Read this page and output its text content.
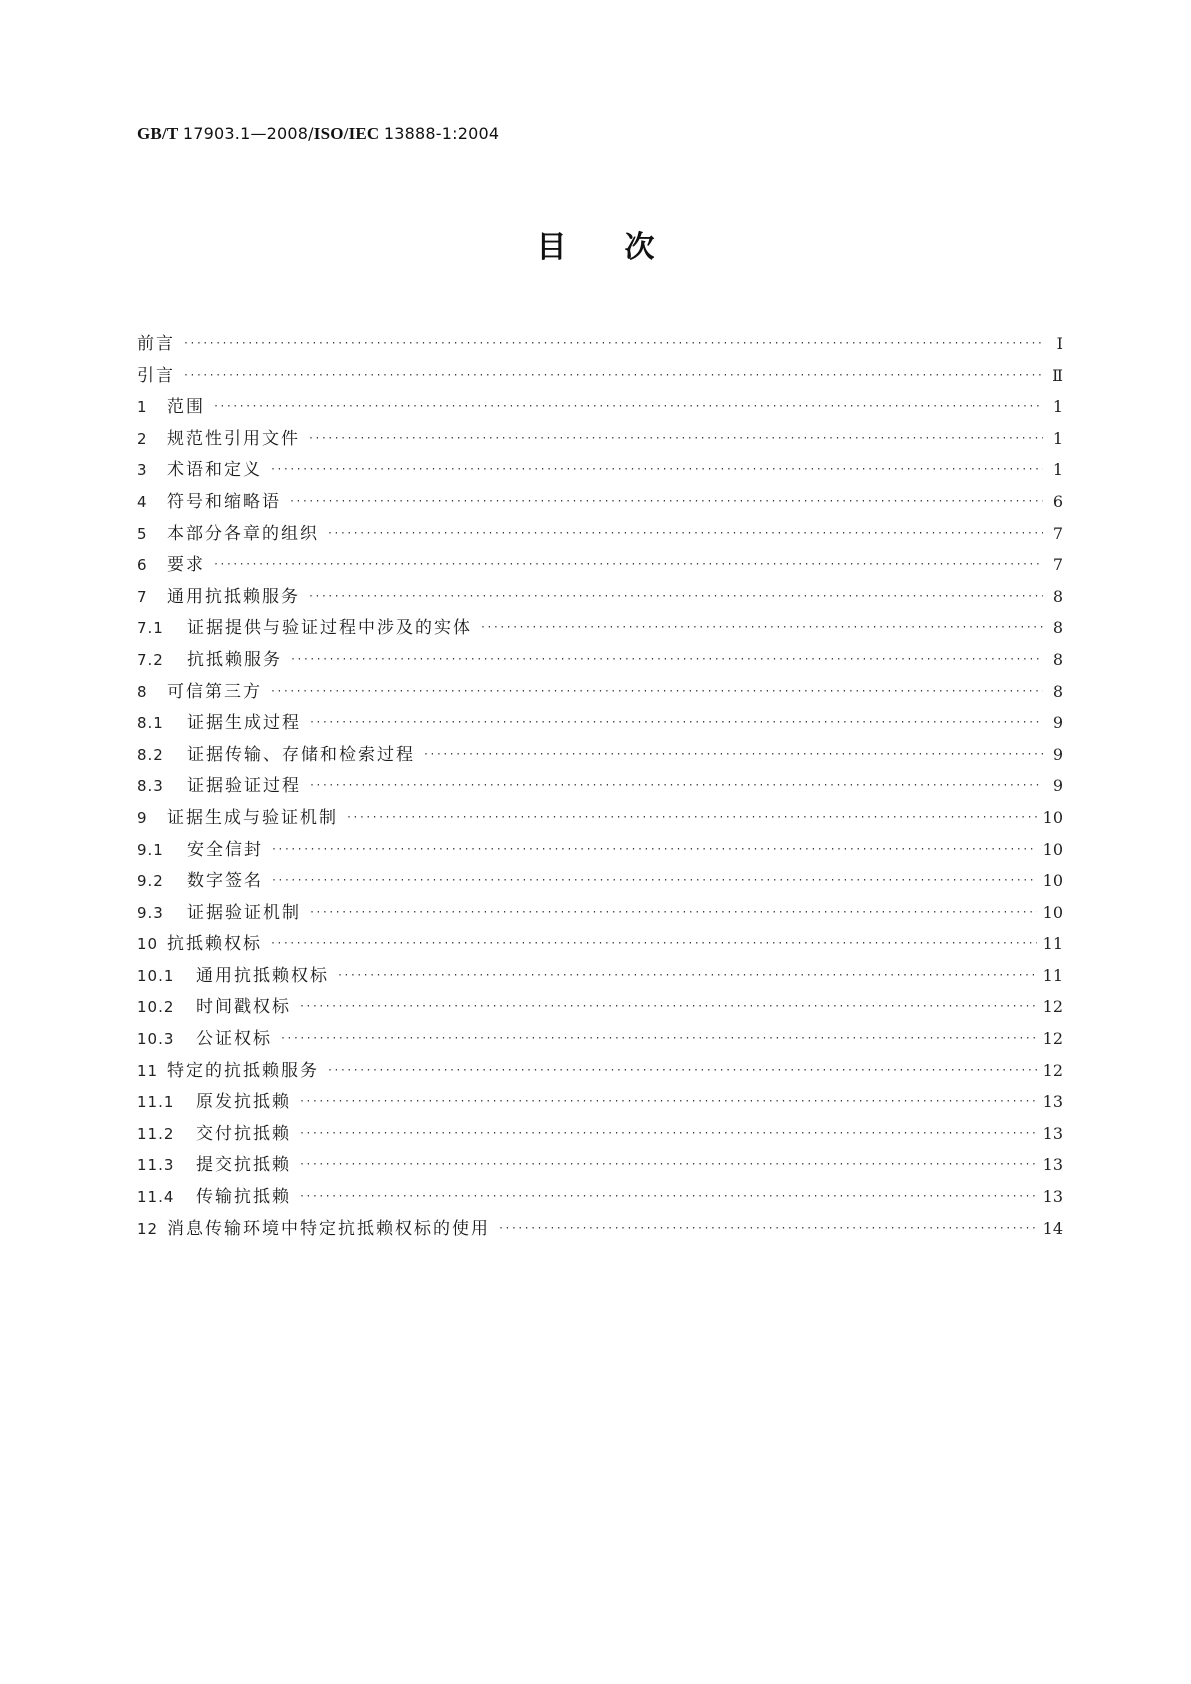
GB/T 17903.1—2008/ISO/IEC 13888-1:2004
目次
前言 ·····	Ⅰ
引言 ·····	Ⅱ
1	范围 ·····	1
2	规范性引用文件 ·····	1
3	术语和定义 ·····	1
4	符号和缩略语 ·····	6
5	本部分各章的组织 ·····	7
6	要求 ·····	7
7	通用抗抵赖服务 ·····	8
7.1	证据提供与验证过程中涉及的实体 ·····	8
7.2	抗抵赖服务 ·····	8
8	可信第三方 ·····	8
8.1	证据生成过程 ·····	9
8.2	证据传输、存储和检索过程 ·····	9
8.3	证据验证过程 ·····	9
9	证据生成与验证机制 ·····	10
9.1	安全信封 ·····	10
9.2	数字签名 ·····	10
9.3	证据验证机制 ·····	10
10 抗抵赖权标 ·····	11
10.1	通用抗抵赖权标 ·····	11
10.2	时间戳权标 ·····	12
10.3	公证权标 ·····	12
11 特定的抗抵赖服务 ·····	12
11.1	原发抗抵赖 ·····	13
11.2	交付抗抵赖 ·····	13
11.3	提交抗抵赖 ·····	13
11.4	传输抗抵赖 ·····	13
12 消息传输环境中特定抗抵赖权标的使用 ·····	14
